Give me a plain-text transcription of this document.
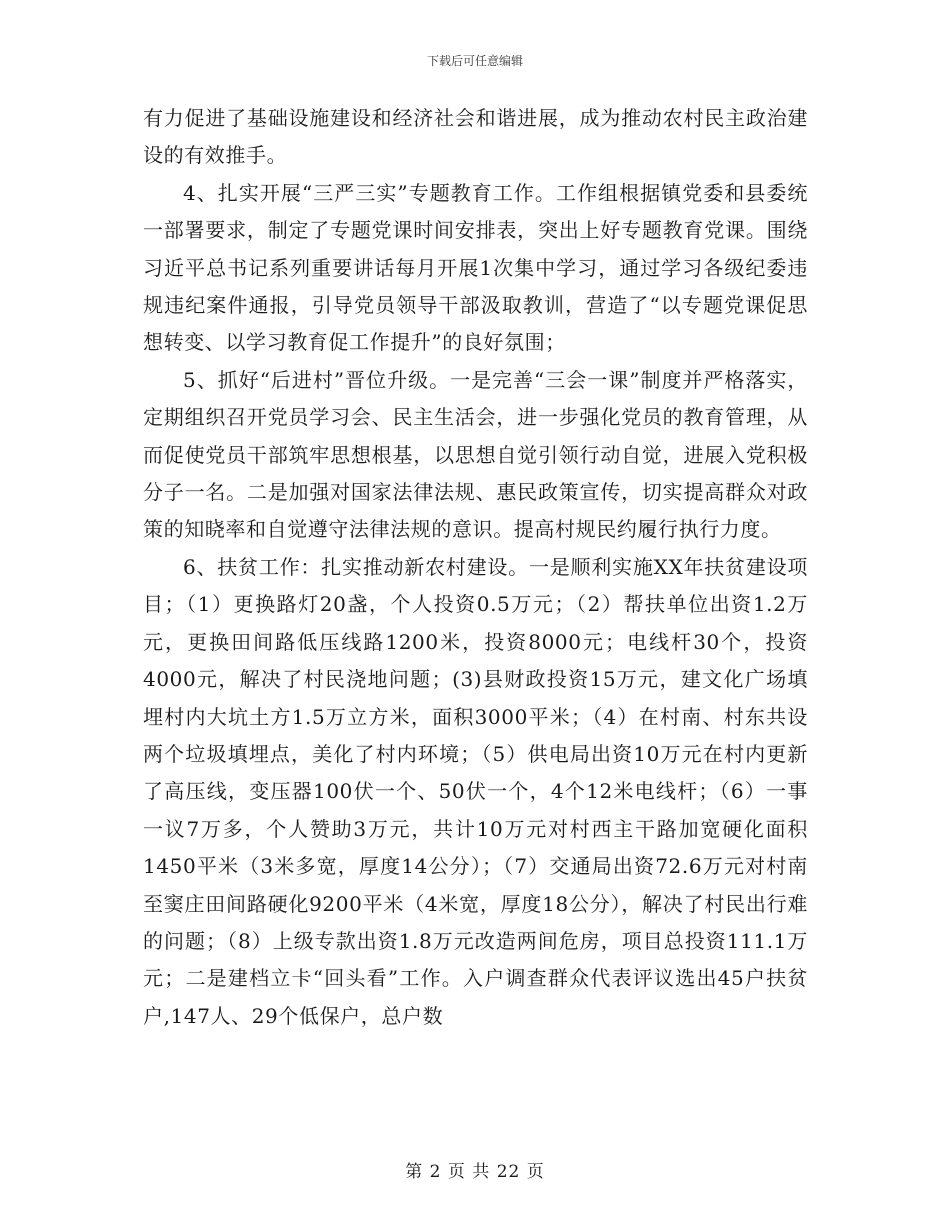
下载后可任意编辑

有力促进了基础设施建设和经济社会和谐进展，成为推动农村民主政治建设的有效推手。

4、扎实开展“三严三实”专题教育工作。工作组根据镇党委和县委统一部署要求，制定了专题党课时间安排表，突出上好专题教育党课。围绕习近平总书记系列重要讲话每月开展1次集中学习，通过学习各级纪委违规违纪案件通报，引导党员领导干部汲取教训，营造了“以专题党课促思想转变、以学习教育促工作提升”的良好氛围；

5、抓好“后进村”晋位升级。一是完善“三会一课”制度并严格落实，定期组织召开党员学习会、民主生活会，进一步强化党员的教育管理，从而促使党员干部筑牢思想根基，以思想自觉引领行动自觉，进展入党积极分子一名。二是加强对国家法律法规、惠民政策宣传，切实提高群众对政策的知晓率和自觉遵守法律法规的意识。提高村规民约履行执行力度。

6、扶贫工作：扎实推动新农村建设。一是顺利实施XX年扶贫建设项目；（1）更换路灯20盏，个人投资0.5万元；（2）帮扶单位出资1.2万元，更换田间路低压线路1200米，投资8000元；电线杆30个，投资4000元，解决了村民浇地问题；(3)县财政投资15万元，建文化广场填埋村内大坑土方1.5万立方米，面积3000平米；（4）在村南、村东共设两个垃圾填埋点，美化了村内环境；（5）供电局出资10万元在村内更新了高压线，变压器100伏一个、50伏一个，4个12米电线杆；（6）一事一议7万多，个人赞助3万元，共计10万元对村西主干路加宽硬化面积1450平米（3米多宽，厚度14公分）；（7）交通局出资72.6万元对村南至窦庄田间路硬化9200平米（4米宽，厚度18公分），解决了村民出行难的问题；（8）上级专款出资1.8万元改造两间危房，项目总投资111.1万元；二是建档立卡“回头看”工作。入户调查群众代表评议选出45户扶贫户,147人、29个低保户，总户数

第 2 页 共 22 页
